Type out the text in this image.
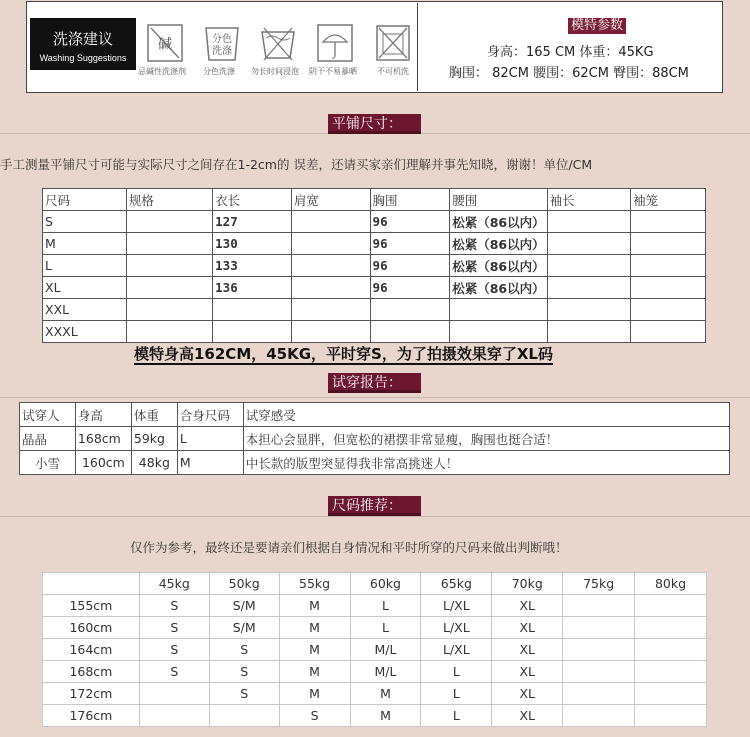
洗涤建议
Washing Suggestions
碱
忌碱性洗涤剂
分色
洗涤
分色洗涤 勿长时间浸泡 阴干不易暴晒	不可机洗
模特参数
身高：165 CM 体重：45KG
胸围： 82CM 腰围：62CM 臀围：88CM
平铺尺寸：
手工测量平铺尺寸可能与实际尺寸之间存在1-2cm的 误差，还请买家亲们理解并事先知晓，谢谢！单位/CM
尺码	规格	衣长	肩宽	胸围	腰围	袖长	袖笼
S		127		96	松紧（86以内）		
M		130		96	松紧（86以内）		
L		133		96	松紧（86以内）		
XL		136		96	松紧（86以内）		
XXL							
XXXL							
模特身高162CM，45KG，平时穿S，为了拍摄效果穿了XL码
试穿报告：
试穿人	身高	体重	合身尺码	试穿感受
晶晶	168cm	59kg	L	本担心会显胖，但宽松的裙摆非常显瘦，胸围也挺合适！
小雪	160cm	48kg	M	中长款的版型突显得我非常高挑迷人！
尺码推荐：
仅作为参考，最终还是要请亲们根据自身情况和平时所穿的尺码来做出判断哦！
	45kg	50kg	55kg	60kg	65kg	70kg	75kg	80kg
155cm	S	S/M	M	L	L/XL	XL		
160cm	S	S/M	M	L	L/XL	XL		
164cm	S	S	M	M/L	L/XL	XL		
168cm	S	S	M	M/L	L	XL		
172cm		S	M	M	L	XL		
176cm			S	M	L	XL		
